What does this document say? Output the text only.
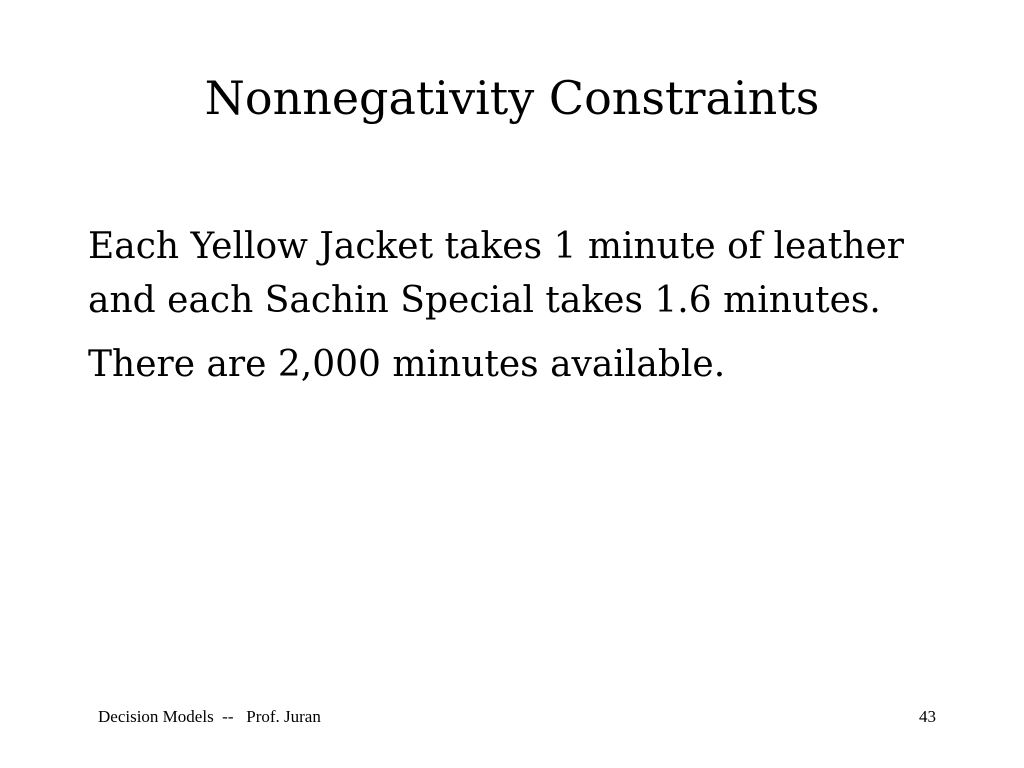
Nonnegativity Constraints

Each Yellow Jacket takes 1 minute of leather and each Sachin Special takes 1.6 minutes.

There are 2,000 minutes available.

Decision Models  --   Prof. Juran	43
